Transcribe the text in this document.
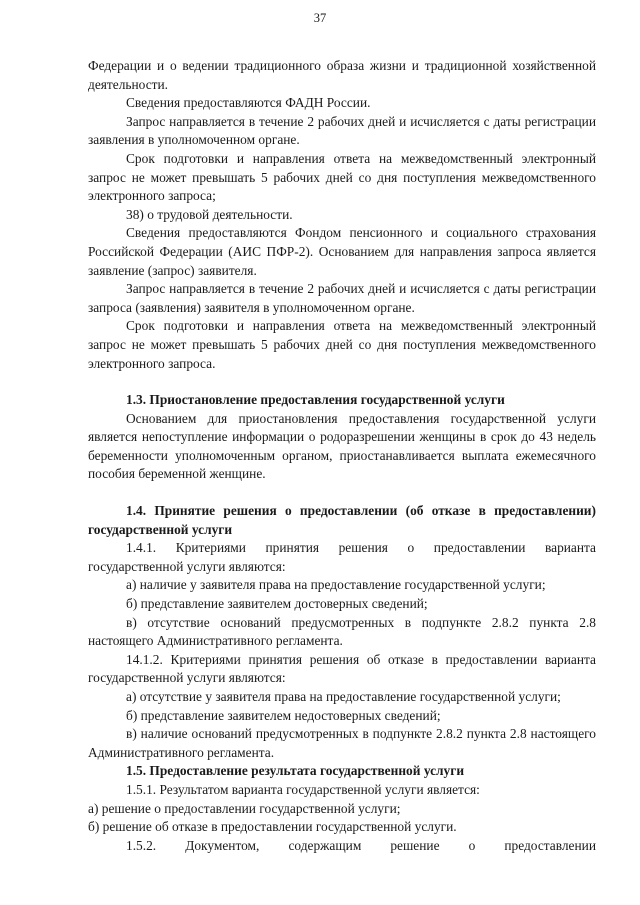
37

Федерации и о ведении традиционного образа жизни и традиционной хозяйственной деятельности.

Сведения предоставляются ФАДН России.

Запрос направляется в течение 2 рабочих дней и исчисляется с даты регистрации заявления в уполномоченном органе.

Срок подготовки и направления ответа на межведомственный электронный запрос не может превышать 5 рабочих дней со дня поступления межведомственного электронного запроса;

38) о трудовой деятельности.

Сведения предоставляются Фондом пенсионного и социального страхования Российской Федерации (АИС ПФР-2). Основанием для направления запроса является заявление (запрос) заявителя.

Запрос направляется в течение 2 рабочих дней и исчисляется с даты регистрации запроса (заявления) заявителя в уполномоченном органе.

Срок подготовки и направления ответа на межведомственный электронный запрос не может превышать 5 рабочих дней со дня поступления межведомственного электронного запроса.

1.3. Приостановление предоставления государственной услуги

Основанием для приостановления предоставления государственной услуги является непоступление информации о родоразрешении женщины в срок до 43 недель беременности уполномоченным органом, приостанавливается выплата ежемесячного пособия беременной женщине.

1.4. Принятие решения о предоставлении (об отказе в предоставлении) государственной услуги

1.4.1. Критериями принятия решения о предоставлении варианта государственной услуги являются:

а) наличие у заявителя права на предоставление государственной услуги;

б) представление заявителем достоверных сведений;

в) отсутствие оснований предусмотренных в подпункте 2.8.2 пункта 2.8 настоящего Административного регламента.

14.1.2. Критериями принятия решения об отказе в предоставлении варианта государственной услуги являются:

а) отсутствие у заявителя права на предоставление государственной услуги;

б) представление заявителем недостоверных сведений;

в) наличие оснований предусмотренных в подпункте 2.8.2 пункта 2.8 настоящего Административного регламента.

1.5. Предоставление результата государственной услуги

1.5.1. Результатом варианта государственной услуги является:

а) решение о предоставлении государственной услуги;

б) решение об отказе в предоставлении государственной услуги.

1.5.2. Документом, содержащим решение о предоставлении
